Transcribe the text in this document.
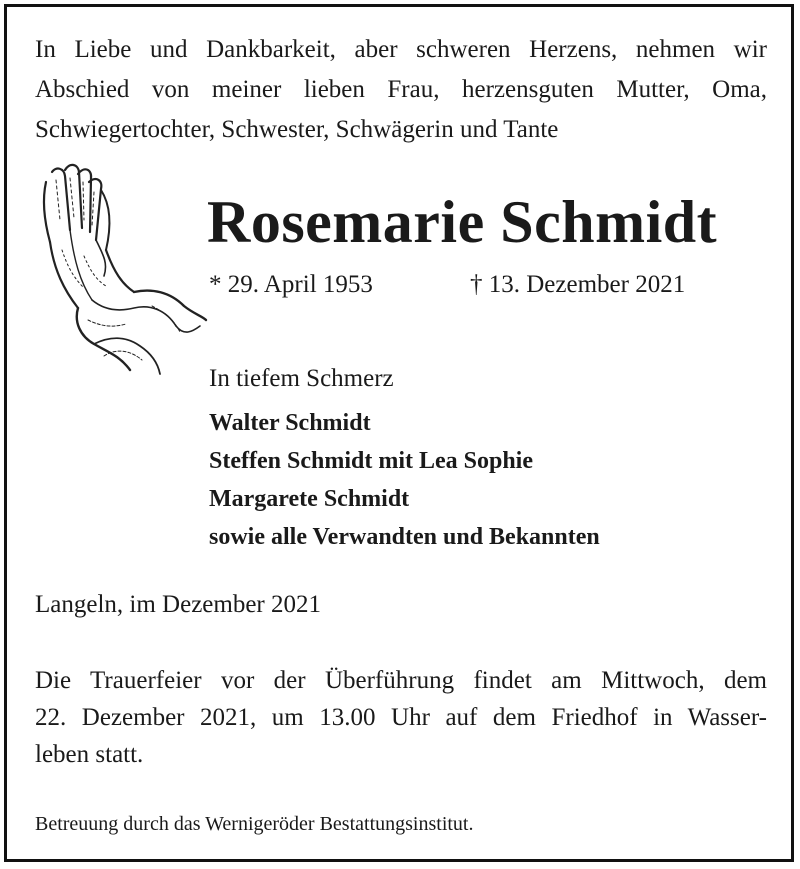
In Liebe und Dankbarkeit, aber schweren Herzens, nehmen wir
Abschied von meiner lieben Frau, herzensguten Mutter, Oma,
Schwiegertochter, Schwester, Schwägerin und Tante

Rosemarie Schmidt
* 29. April 1953	† 13. Dezember 2021
In tiefem Schmerz
Walter Schmidt
Steffen Schmidt mit Lea Sophie
Margarete Schmidt
sowie alle Verwandten und Bekannten
Langeln, im Dezember 2021

Die Trauerfeier vor der Überführung findet am Mittwoch, dem
22. Dezember 2021, um 13.00 Uhr auf dem Friedhof in Wasser-
leben statt.

Betreuung durch das Wernigeröder Bestattungsinstitut.
